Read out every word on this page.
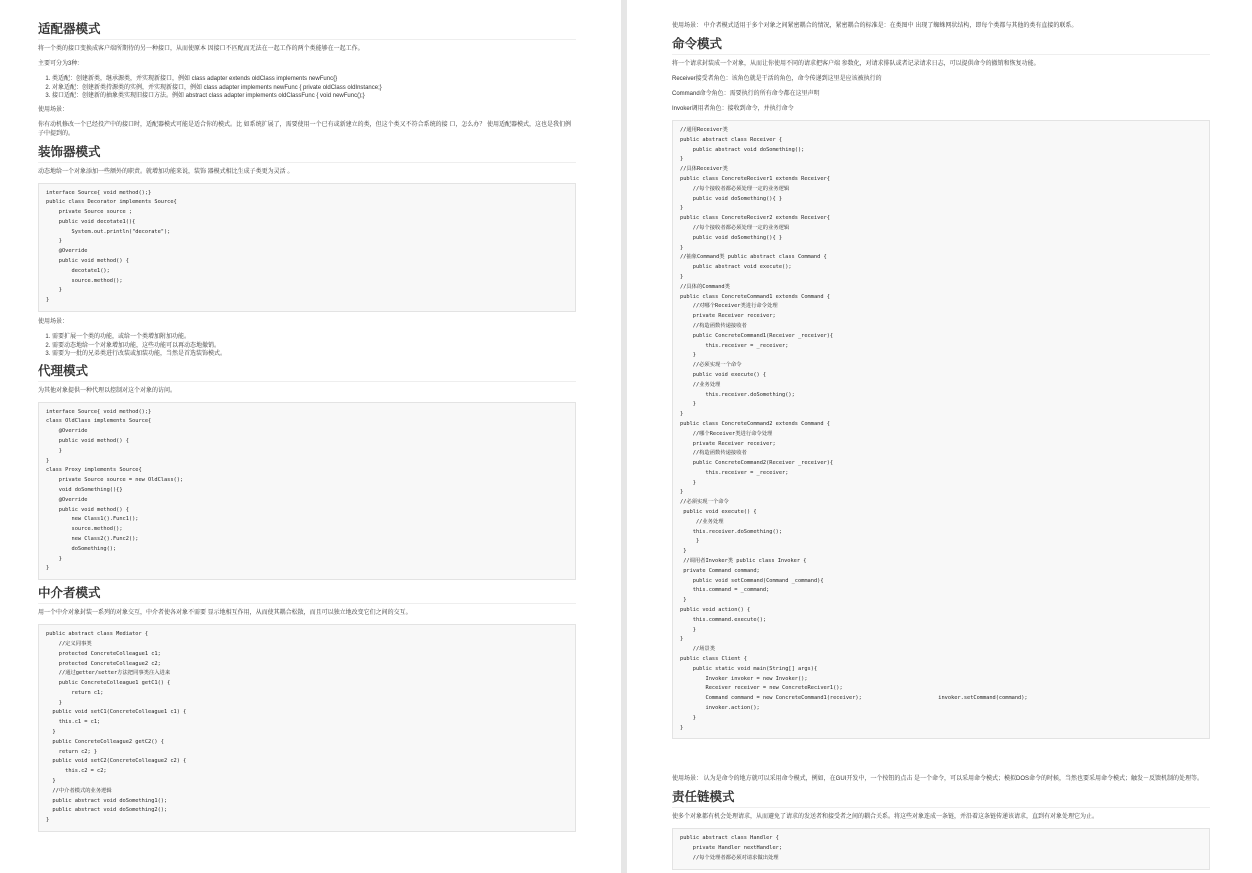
适配器模式

将一个类的接口变换成客户端所期待的另一种接口，从而使原本 因接口不匹配而无法在一起工作的两个类能够在一起工作。

主要可分为3种:

1. 类适配：创建新类，继承源类，并实现新接口，例如 class adapter extends oldClass implements newFunc{}
2. 对象适配：创建新类持源类的实例，并实现新接口，例如 class adapter implements newFunc { private oldClass oldInstance;}
3. 接口适配：创建新的抽象类实现旧接口方法。例如 abstract class adapter implements oldClassFunc { void newFunc();}

使用场景：

你有动机修改一个已经投产中的接口时，适配器模式可能是适合你的模式。比 如系统扩展了，需要使用一个已有或新建立的类，但这个类又不符合系统的接 口，怎么办？ 使用适配器模式，这也是我们例子中提到的。

装饰器模式

动态地给一个对象添加一些额外的职责。就增加功能来说，装饰 器模式相比生成子类更为灵活 。

interface Source{ void method();}
public class Decorator implements Source{
private Source source ;
public void decotate1(){
System.out.println("decorate");
}
@Override
public void method() {
decotate1();
source.method();
}
}

使用场景：

1. 需要扩展一个类的功能，或给一个类增加附加功能。
2. 需要动态地给一个对象增加功能，这些功能可以再动态地撤销。
3. 需要为一批的兄弟类进行改装或加装功能，当然是首选装饰模式。
代理模式

为其他对象提供一种代理以控制对这个对象的访问。

interface Source{ void method();}
class OldClass implements Source{
@Override
public void method() {
}
}
class Proxy implements Source{
private Source source = new OldClass();
void doSomething(){}
@Override
public void method() {
new Class1().Func1();
source.method();
new Class2().Func2();
doSomething();
}
}
中介者模式

用一个中介对象封装一系列的对象交互，中介者使各对象不需要 显示地相互作用，从而使其耦合松散，而且可以独立地改变它们之间的交互。

public abstract class Mediator {
//定义同事类
protected ConcreteColleague1 c1;
protected ConcreteColleague2 c2;
//通过getter/setter方法把同事类注入进来
public ConcreteColleague1 getC1() {
return c1;
}
public void setC1(ConcreteColleague1 c1) {
this.c1 = c1;
}
public ConcreteColleague2 getC2() {
return c2; }
public void setC2(ConcreteColleague2 c2) {
this.c2 = c2;
}
//中介者模式的业务逻辑
public abstract void doSomething1();
public abstract void doSomething2();
}

使用场景： 中介者模式适用于多个对象之间紧密耦合的情况，紧密耦合的标准是：在类图中 出现了蜘蛛网状结构，即每个类都与其他的类有直接的联系。

命令模式

将一个请求封装成一个对象，从而让你使用不同的请求把客户端 参数化，对请求排队或者记录请求日志，可以提供命令的撤销和恢复功能。

Receiver接受者角色：该角色就是干活的角色，命令传递到这里是应该被执行的

Command命令角色：需要执行的所有命令都在这里声明

Invoker调用者角色：接收到命令，并执行命令

//通用Receiver类
public abstract class Receiver {
public abstract void doSomething();
}
//具体Receiver类
public class ConcreteReciver1 extends Receiver{
//每个接收者都必须处理一定的业务逻辑
public void doSomething(){ }
}
public class ConcreteReciver2 extends Receiver{
//每个接收者都必须处理一定的业务逻辑
public void doSomething(){ }
}
//抽象Command类 public abstract class Command {
public abstract void execute();
}
//具体的Command类
public class ConcreteCommand1 extends Command {
//对哪个Receiver类进行命令处理
private Receiver receiver;
//构造函数传递接收者
public ConcreteCommand1(Receiver _receiver){
this.receiver = _receiver;
}
//必须实现一个命令
public void execute() {
//业务处理
this.receiver.doSomething();
}
}
public class ConcreteCommand2 extends Command {
//哪个Receiver类进行命令处理
private Receiver receiver;
//构造函数传递接收者
public ConcreteCommand2(Receiver _receiver){
this.receiver = _receiver;
}
}
//必须实现一个命令
public void execute() {
//业务处理
this.receiver.doSomething();
}
}
//调用者Invoker类 public class Invoker {
private Command command;
public void setCommand(Command _command){
this.command = _command;
}
public void action() {
this.command.execute();
}
}
//场景类
public class Client {
public static void main(String[] args){
Invoker invoker = new Invoker();
Receiver receiver = new ConcreteReciver1();
Command command = new ConcreteCommand1(receiver);                        invoker.setCommand(command);
invoker.action();
}
}

使用场景： 认为是命令的地方就可以采用命令模式，例如，在GUI开发中，一个按钮的点击 是一个命令，可以采用命令模式；模拟DOS命令的时候，当然也要采用命令模式；触发－反馈机制的处理等。

责任链模式

使多个对象都有机会处理请求，从而避免了请求的发送者和接受者之间的耦合关系。将这些对象连成一条链，并沿着这条链传递该请求，直到有对象处理它为止。

public abstract class Handler {
private Handler nextHandler;
//每个处理者都必须对请求做出处理
